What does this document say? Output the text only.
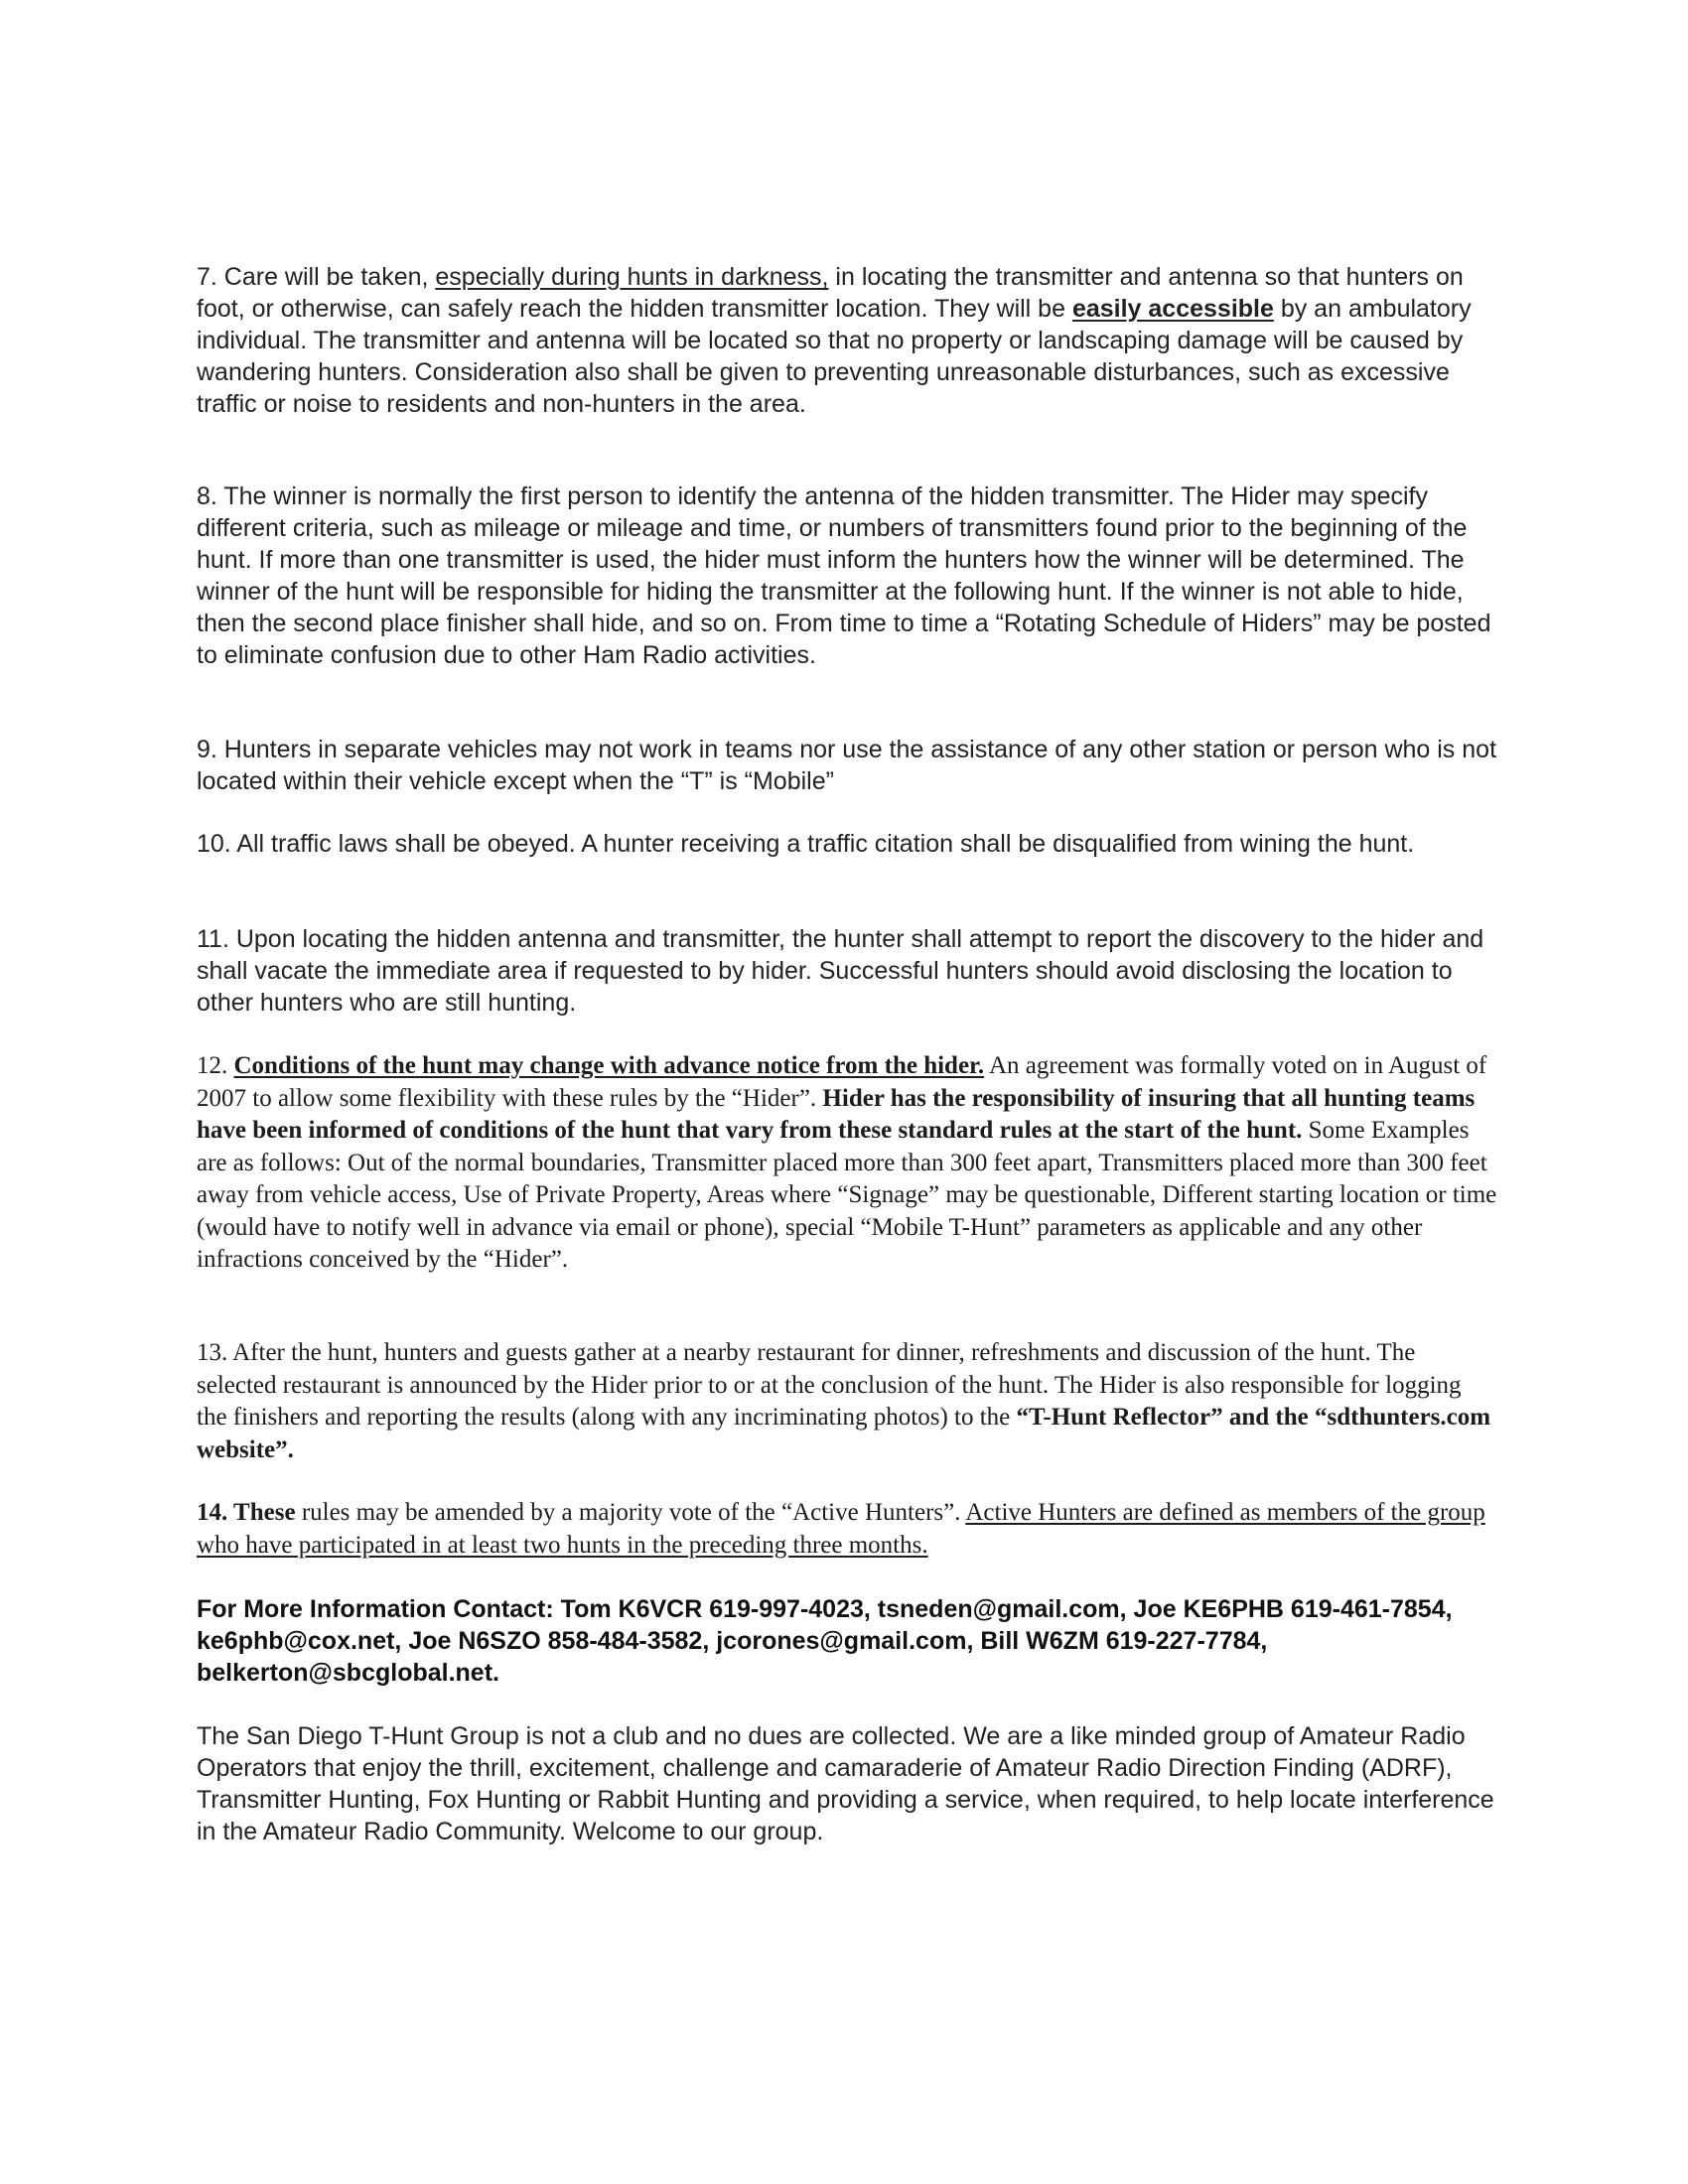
7. Care will be taken, especially during hunts in darkness, in locating the transmitter and antenna so that hunters on foot, or otherwise, can safely reach the hidden transmitter location. They will be easily accessible by an ambulatory individual. The transmitter and antenna will be located so that no property or landscaping damage will be caused by wandering hunters. Consideration also shall be given to preventing unreasonable disturbances, such as excessive traffic or noise to residents and non-hunters in the area.

8. The winner is normally the first person to identify the antenna of the hidden transmitter. The Hider may specify different criteria, such as mileage or mileage and time, or numbers of transmitters found prior to the beginning of the hunt. If more than one transmitter is used, the hider must inform the hunters how the winner will be determined. The winner of the hunt will be responsible for hiding the transmitter at the following hunt. If the winner is not able to hide, then the second place finisher shall hide, and so on. From time to time a “Rotating Schedule of Hiders” may be posted to eliminate confusion due to other Ham Radio activities.

9. Hunters in separate vehicles may not work in teams nor use the assistance of any other station or person who is not located within their vehicle except when the “T” is “Mobile”

10. All traffic laws shall be obeyed. A hunter receiving a traffic citation shall be disqualified from wining the hunt.

11. Upon locating the hidden antenna and transmitter, the hunter shall attempt to report the discovery to the hider and shall vacate the immediate area if requested to by hider. Successful hunters should avoid disclosing the location to other hunters who are still hunting.

12. Conditions of the hunt may change with advance notice from the hider. An agreement was formally voted on in August of 2007 to allow some flexibility with these rules by the “Hider”. Hider has the responsibility of insuring that all hunting teams have been informed of conditions of the hunt that vary from these standard rules at the start of the hunt. Some Examples are as follows: Out of the normal boundaries, Transmitter placed more than 300 feet apart, Transmitters placed more than 300 feet away from vehicle access, Use of Private Property, Areas where “Signage” may be questionable, Different starting location or time (would have to notify well in advance via email or phone), special “Mobile T-Hunt” parameters as applicable and any other infractions conceived by the “Hider”.

13. After the hunt, hunters and guests gather at a nearby restaurant for dinner, refreshments and discussion of the hunt. The selected restaurant is announced by the Hider prior to or at the conclusion of the hunt. The Hider is also responsible for logging the finishers and reporting the results (along with any incriminating photos) to the “T-Hunt Reflector” and the “sdthunters.com website”.

14. These rules may be amended by a majority vote of the “Active Hunters”. Active Hunters are defined as members of the group who have participated in at least two hunts in the preceding three months.

For More Information Contact: Tom K6VCR 619-997-4023, tsneden@gmail.com, Joe KE6PHB 619-461-7854, ke6phb@cox.net, Joe N6SZO 858-484-3582, jcorones@gmail.com, Bill W6ZM 619-227-7784, belkerton@sbcglobal.net.

The San Diego T-Hunt Group is not a club and no dues are collected. We are a like minded group of Amateur Radio Operators that enjoy the thrill, excitement, challenge and camaraderie of Amateur Radio Direction Finding (ADRF), Transmitter Hunting, Fox Hunting or Rabbit Hunting and providing a service, when required, to help locate interference in the Amateur Radio Community. Welcome to our group.
